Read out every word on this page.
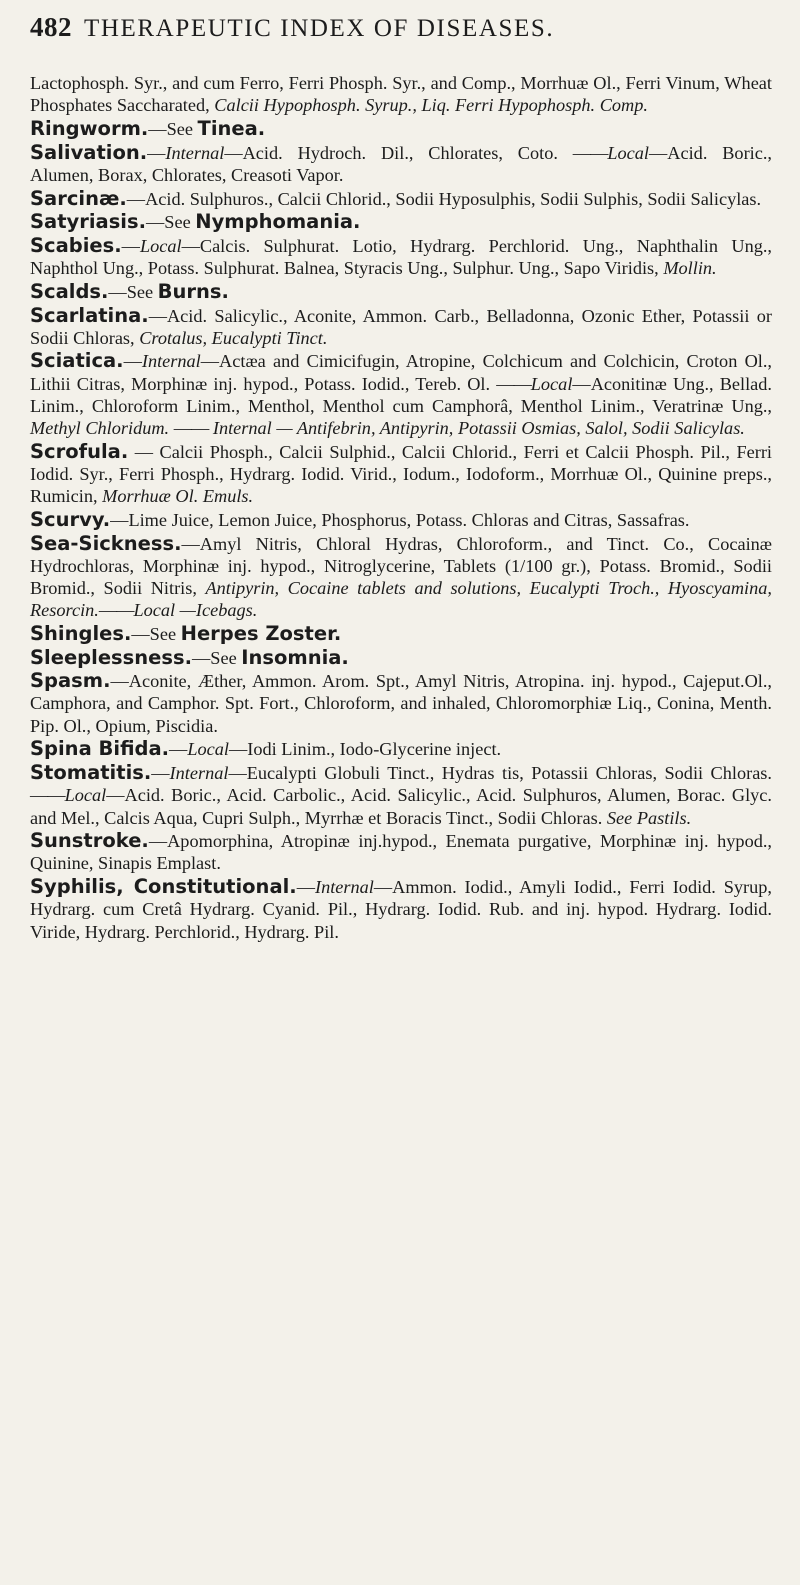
482 THERAPEUTIC INDEX OF DISEASES.

Lactophosph. Syr., and cum Ferro, Ferri Phosph. Syr., and Comp., Morrhuæ Ol., Ferri Vinum, Wheat Phosphates Saccharated, Calcii Hypophosph. Syrup., Liq. Ferri Hypophosph. Comp.

Ringworm.—See Tinea.

Salivation.—Internal—Acid. Hydroch. Dil., Chlorates, Coto. ——Local—Acid. Boric., Alumen, Borax, Chlorates, Creasoti Vapor.

Sarcinæ.—Acid. Sulphuros., Calcii Chlorid., Sodii Hyposulphis, Sodii Sulphis, Sodii Salicylas.

Satyriasis.—See Nymphomania.

Scabies.—Local—Calcis. Sulphurat. Lotio, Hydrarg. Perchlorid. Ung., Naphthalin Ung., Naphthol Ung., Potass. Sulphurat. Balnea, Styracis Ung., Sulphur. Ung., Sapo Viridis, Mollin.

Scalds.—See Burns.

Scarlatina.—Acid. Salicylic., Aconite, Ammon. Carb., Belladonna, Ozonic Ether, Potassii or Sodii Chloras, Crotalus, Eucalypti Tinct.

Sciatica.—Internal—Actæa and Cimicifugin, Atropine, Colchicum and Colchicin, Croton Ol., Lithii Citras, Morphinæ inj. hypod., Potass. Iodid., Tereb. Ol. ——Local—Aconitinæ Ung., Bellad. Linim., Chloroform Linim., Menthol, Menthol cum Camphorâ, Menthol Linim., Veratrinæ Ung., Methyl Chloridum. —— Internal — Antifebrin, Antipyrin, Potassii Osmias, Salol, Sodii Salicylas.

Scrofula. — Calcii Phosph., Calcii Sulphid., Calcii Chlorid., Ferri et Calcii Phosph. Pil., Ferri Iodid. Syr., Ferri Phosph., Hydrarg. Iodid. Virid., Iodum., Iodoform., Morrhuæ Ol., Quinine preps., Rumicin, Morrhuæ Ol. Emuls.

Scurvy.—Lime Juice, Lemon Juice, Phosphorus, Potass. Chloras and Citras, Sassafras.

Sea-Sickness.—Amyl Nitris, Chloral Hydras, Chloroform., and Tinct. Co., Cocainæ Hydrochloras, Morphinæ inj. hypod., Nitroglycerine, Tablets (1/100 gr.), Potass. Bromid., Sodii Bromid., Sodii Nitris, Antipyrin, Cocaine tablets and solutions, Eucalypti Troch., Hyoscyamina, Resorcin.——Local —Icebags.

Shingles.—See Herpes Zoster.

Sleeplessness.—See Insomnia.

Spasm.—Aconite, Æther, Ammon. Arom. Spt., Amyl Nitris, Atropina. inj. hypod., Cajeput.Ol., Camphora, and Camphor. Spt. Fort., Chloroform, and inhaled, Chloromorphiæ Liq., Conina, Menth. Pip. Ol., Opium, Piscidia.

Spina Bifida.—Local—Iodi Linim., Iodo-Glycerine inject.

Stomatitis.—Internal—Eucalypti Globuli Tinct., Hydras tis, Potassii Chloras, Sodii Chloras. ——Local—Acid. Boric., Acid. Carbolic., Acid. Salicylic., Acid. Sulphuros, Alumen, Borac. Glyc. and Mel., Calcis Aqua, Cupri Sulph., Myrrhæ et Boracis Tinct., Sodii Chloras. See Pastils.

Sunstroke.—Apomorphina, Atropinæ inj.hypod., Enemata purgative, Morphinæ inj. hypod., Quinine, Sinapis Emplast.

Syphilis, Constitutional.—Internal—Ammon. Iodid., Amyli Iodid., Ferri Iodid. Syrup, Hydrarg. cum Cretâ Hydrarg. Cyanid. Pil., Hydrarg. Iodid. Rub. and inj. hypod. Hydrarg. Iodid. Viride, Hydrarg. Perchlorid., Hydrarg. Pil.
